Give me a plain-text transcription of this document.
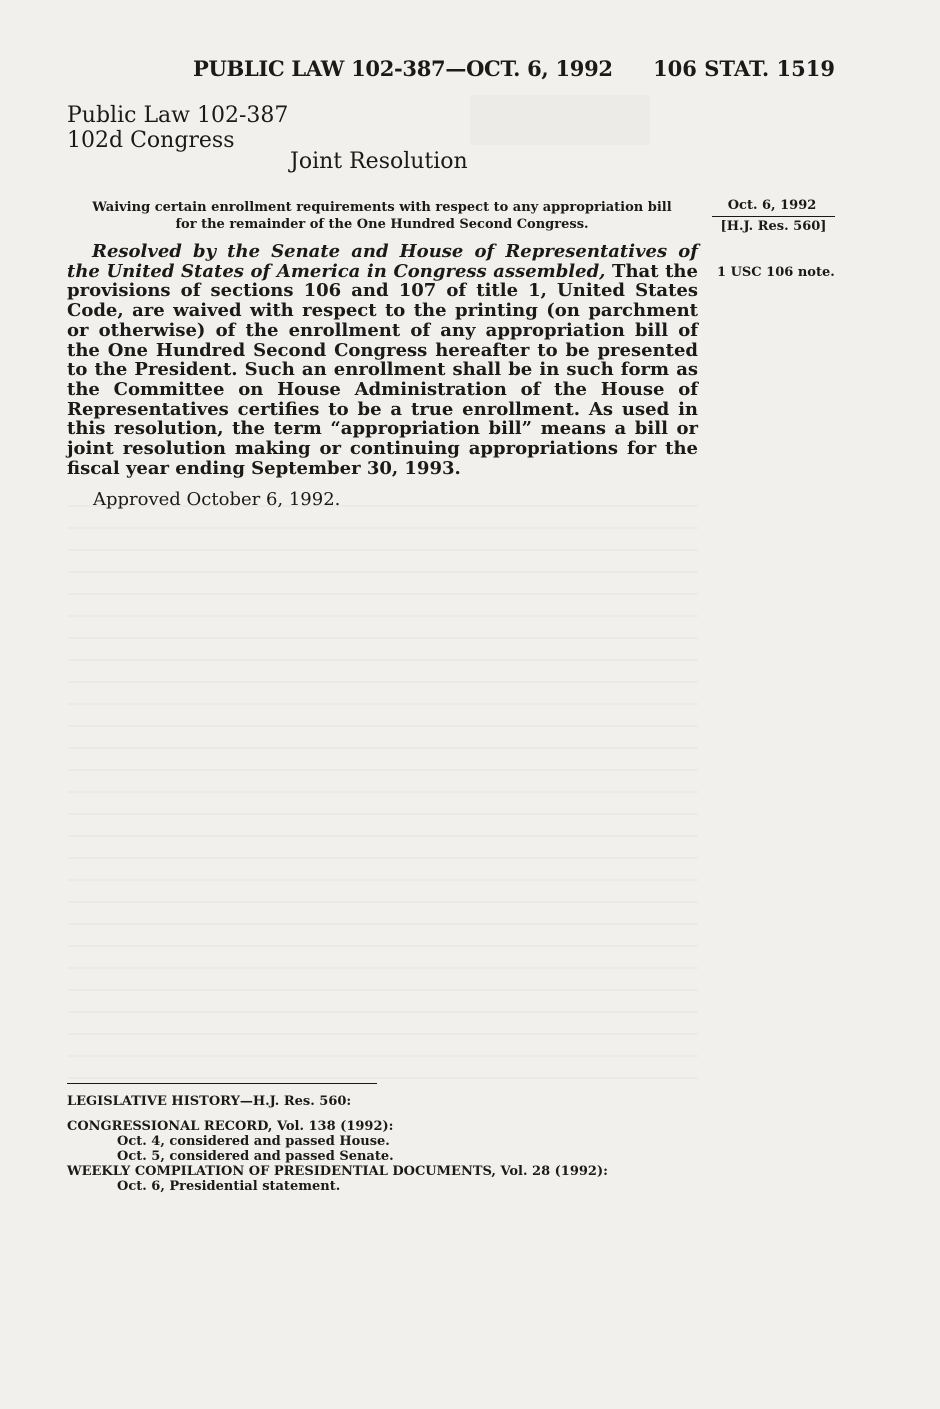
PUBLIC LAW 102-387—OCT. 6, 1992 106 STAT. 1519
Public Law 102-387
102d Congress
Joint Resolution
Waiving certain enrollment requirements with respect to any appropriation bill
for the remainder of the One Hundred Second Congress.
Oct. 6, 1992
[H.J. Res. 560]
1 USC 106 note.

Resolved by the Senate and House of Representatives of the United States of America in Congress assembled, That the provisions of sections 106 and 107 of title 1, United States Code, are waived with respect to the printing (on parchment or otherwise) of the enrollment of any appropriation bill of the One Hundred Second Congress hereafter to be presented to the President. Such an enrollment shall be in such form as the Committee on House Administration of the House of Representatives certifies to be a true enrollment. As used in this resolution, the term “appropriation bill” means a bill or joint resolution making or continuing appropriations for the fiscal year ending September 30, 1993.

Approved October 6, 1992.
LEGISLATIVE HISTORY—H.J. Res. 560:
CONGRESSIONAL RECORD, Vol. 138 (1992):
Oct. 4, considered and passed House.
Oct. 5, considered and passed Senate.
WEEKLY COMPILATION OF PRESIDENTIAL DOCUMENTS, Vol. 28 (1992):
Oct. 6, Presidential statement.
